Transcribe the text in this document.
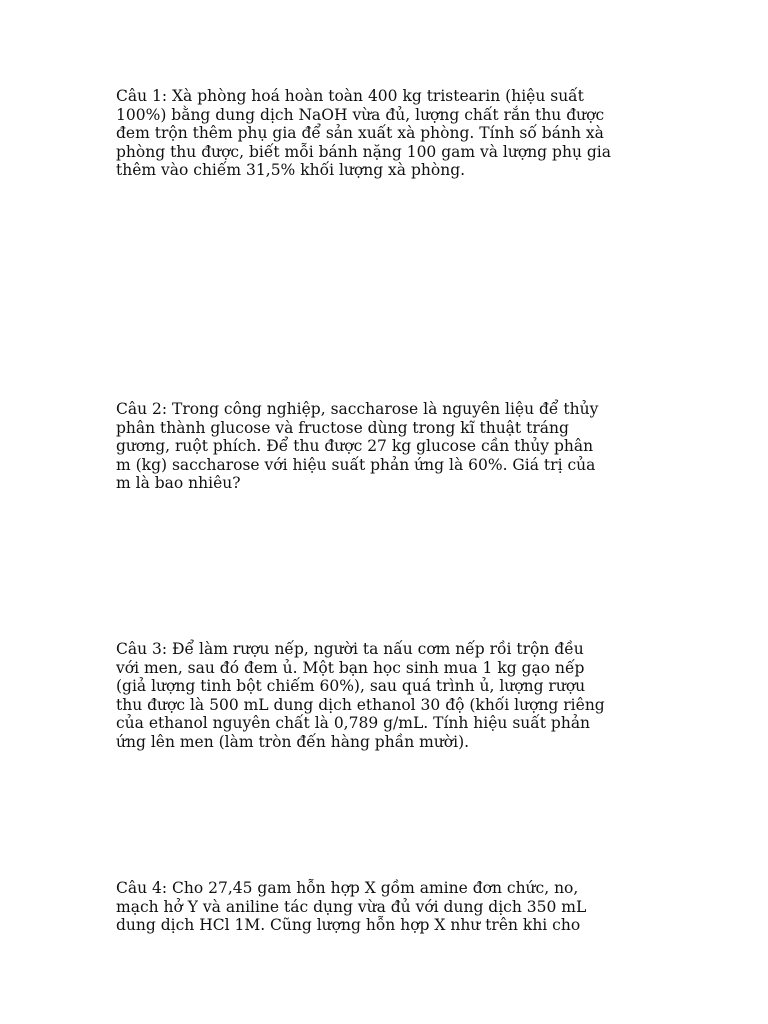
Câu 1: Xà phòng hoá hoàn toàn 400 kg tristearin (hiệu suất
100%) bằng dung dịch NaOH vừa đủ, lượng chất rắn thu được
đem trộn thêm phụ gia để sản xuất xà phòng. Tính số bánh xà
phòng thu được, biết mỗi bánh nặng 100 gam và lượng phụ gia
thêm vào chiếm 31,5% khối lượng xà phòng.

Câu 2: Trong công nghiệp, saccharose là nguyên liệu để thủy
phân thành glucose và fructose dùng trong kĩ thuật tráng
gương, ruột phích. Để thu được 27 kg glucose cần thủy phân
m (kg) saccharose với hiệu suất phản ứng là 60%. Giá trị của
m là bao nhiêu?

Câu 3: Để làm rượu nếp, người ta nấu cơm nếp rồi trộn đều
với men, sau đó đem ủ. Một bạn học sinh mua 1 kg gạo nếp
(giả lượng tinh bột chiếm 60%), sau quá trình ủ, lượng rượu
thu được là 500 mL dung dịch ethanol 30 độ (khối lượng riêng
của ethanol nguyên chất là 0,789 g/mL. Tính hiệu suất phản
ứng lên men (làm tròn đến hàng phần mười).

Câu 4: Cho 27,45 gam hỗn hợp X gồm amine đơn chức, no,
mạch hở Y và aniline tác dụng vừa đủ với dung dịch 350 mL
dung dịch HCl 1M. Cũng lượng hỗn hợp X như trên khi cho
